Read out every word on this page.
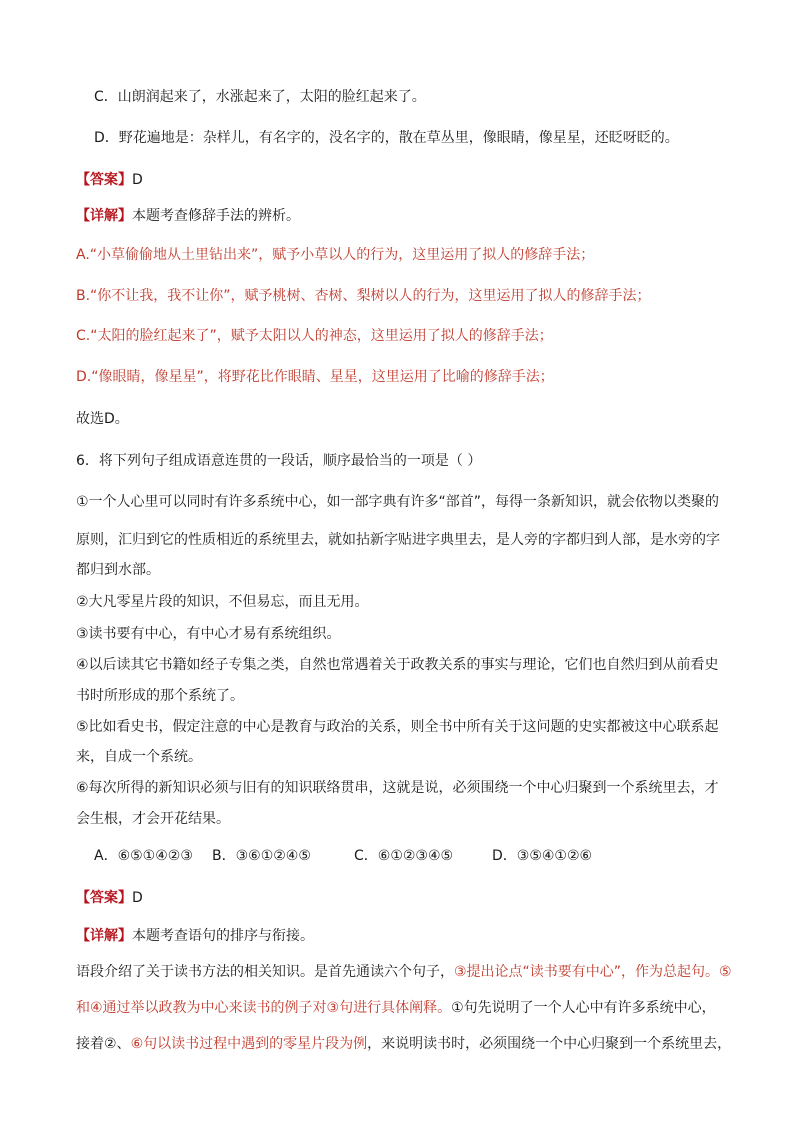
C．山朗润起来了，水涨起来了，太阳的脸红起来了。
D．野花遍地是：杂样儿，有名字的，没名字的，散在草丛里，像眼睛，像星星，还眨呀眨的。
【答案】D
【详解】本题考查修辞手法的辨析。
A.“小草偷偷地从土里钻出来”，赋予小草以人的行为，这里运用了拟人的修辞手法；
B.“你不让我，我不让你”，赋予桃树、杏树、梨树以人的行为，这里运用了拟人的修辞手法；
C.“太阳的脸红起来了”，赋予太阳以人的神态，这里运用了拟人的修辞手法；
D.“像眼睛，像星星”，将野花比作眼睛、星星，这里运用了比喻的修辞手法；
故选D。
6．将下列句子组成语意连贯的一段话，顺序最恰当的一项是（ ）
①一个人心里可以同时有许多系统中心，如一部字典有许多“部首”，每得一条新知识，就会依物以类聚的
原则，汇归到它的性质相近的系统里去，就如拈新字贴进字典里去，是人旁的字都归到人部，是水旁的字
都归到水部。
②大凡零星片段的知识，不但易忘，而且无用。
③读书要有中心，有中心才易有系统组织。
④以后读其它书籍如经子专集之类，自然也常遇着关于政教关系的事实与理论，它们也自然归到从前看史
书时所形成的那个系统了。
⑤比如看史书，假定注意的中心是教育与政治的关系，则全书中所有关于这问题的史实都被这中心联系起
来，自成一个系统。
⑥每次所得的新知识必须与旧有的知识联络贯串，这就是说，必须围绕一个中心归聚到一个系统里去，才
会生根，才会开花结果。
A．⑥⑤①④②③ B．③⑥①②④⑤	C．⑥①②③④⑤	D．③⑤④①②⑥
【答案】D
【详解】本题考查语句的排序与衔接。
语段介绍了关于读书方法的相关知识。是首先通读六个句子，③提出论点“读书要有中心”，作为总起句。⑤
和④通过举以政教为中心来读书的例子对③句进行具体阐释。①句先说明了一个人心中有许多系统中心，
接着②、⑥句以读书过程中遇到的零星片段为例，来说明读书时，必须围绕一个中心归聚到一个系统里去，
